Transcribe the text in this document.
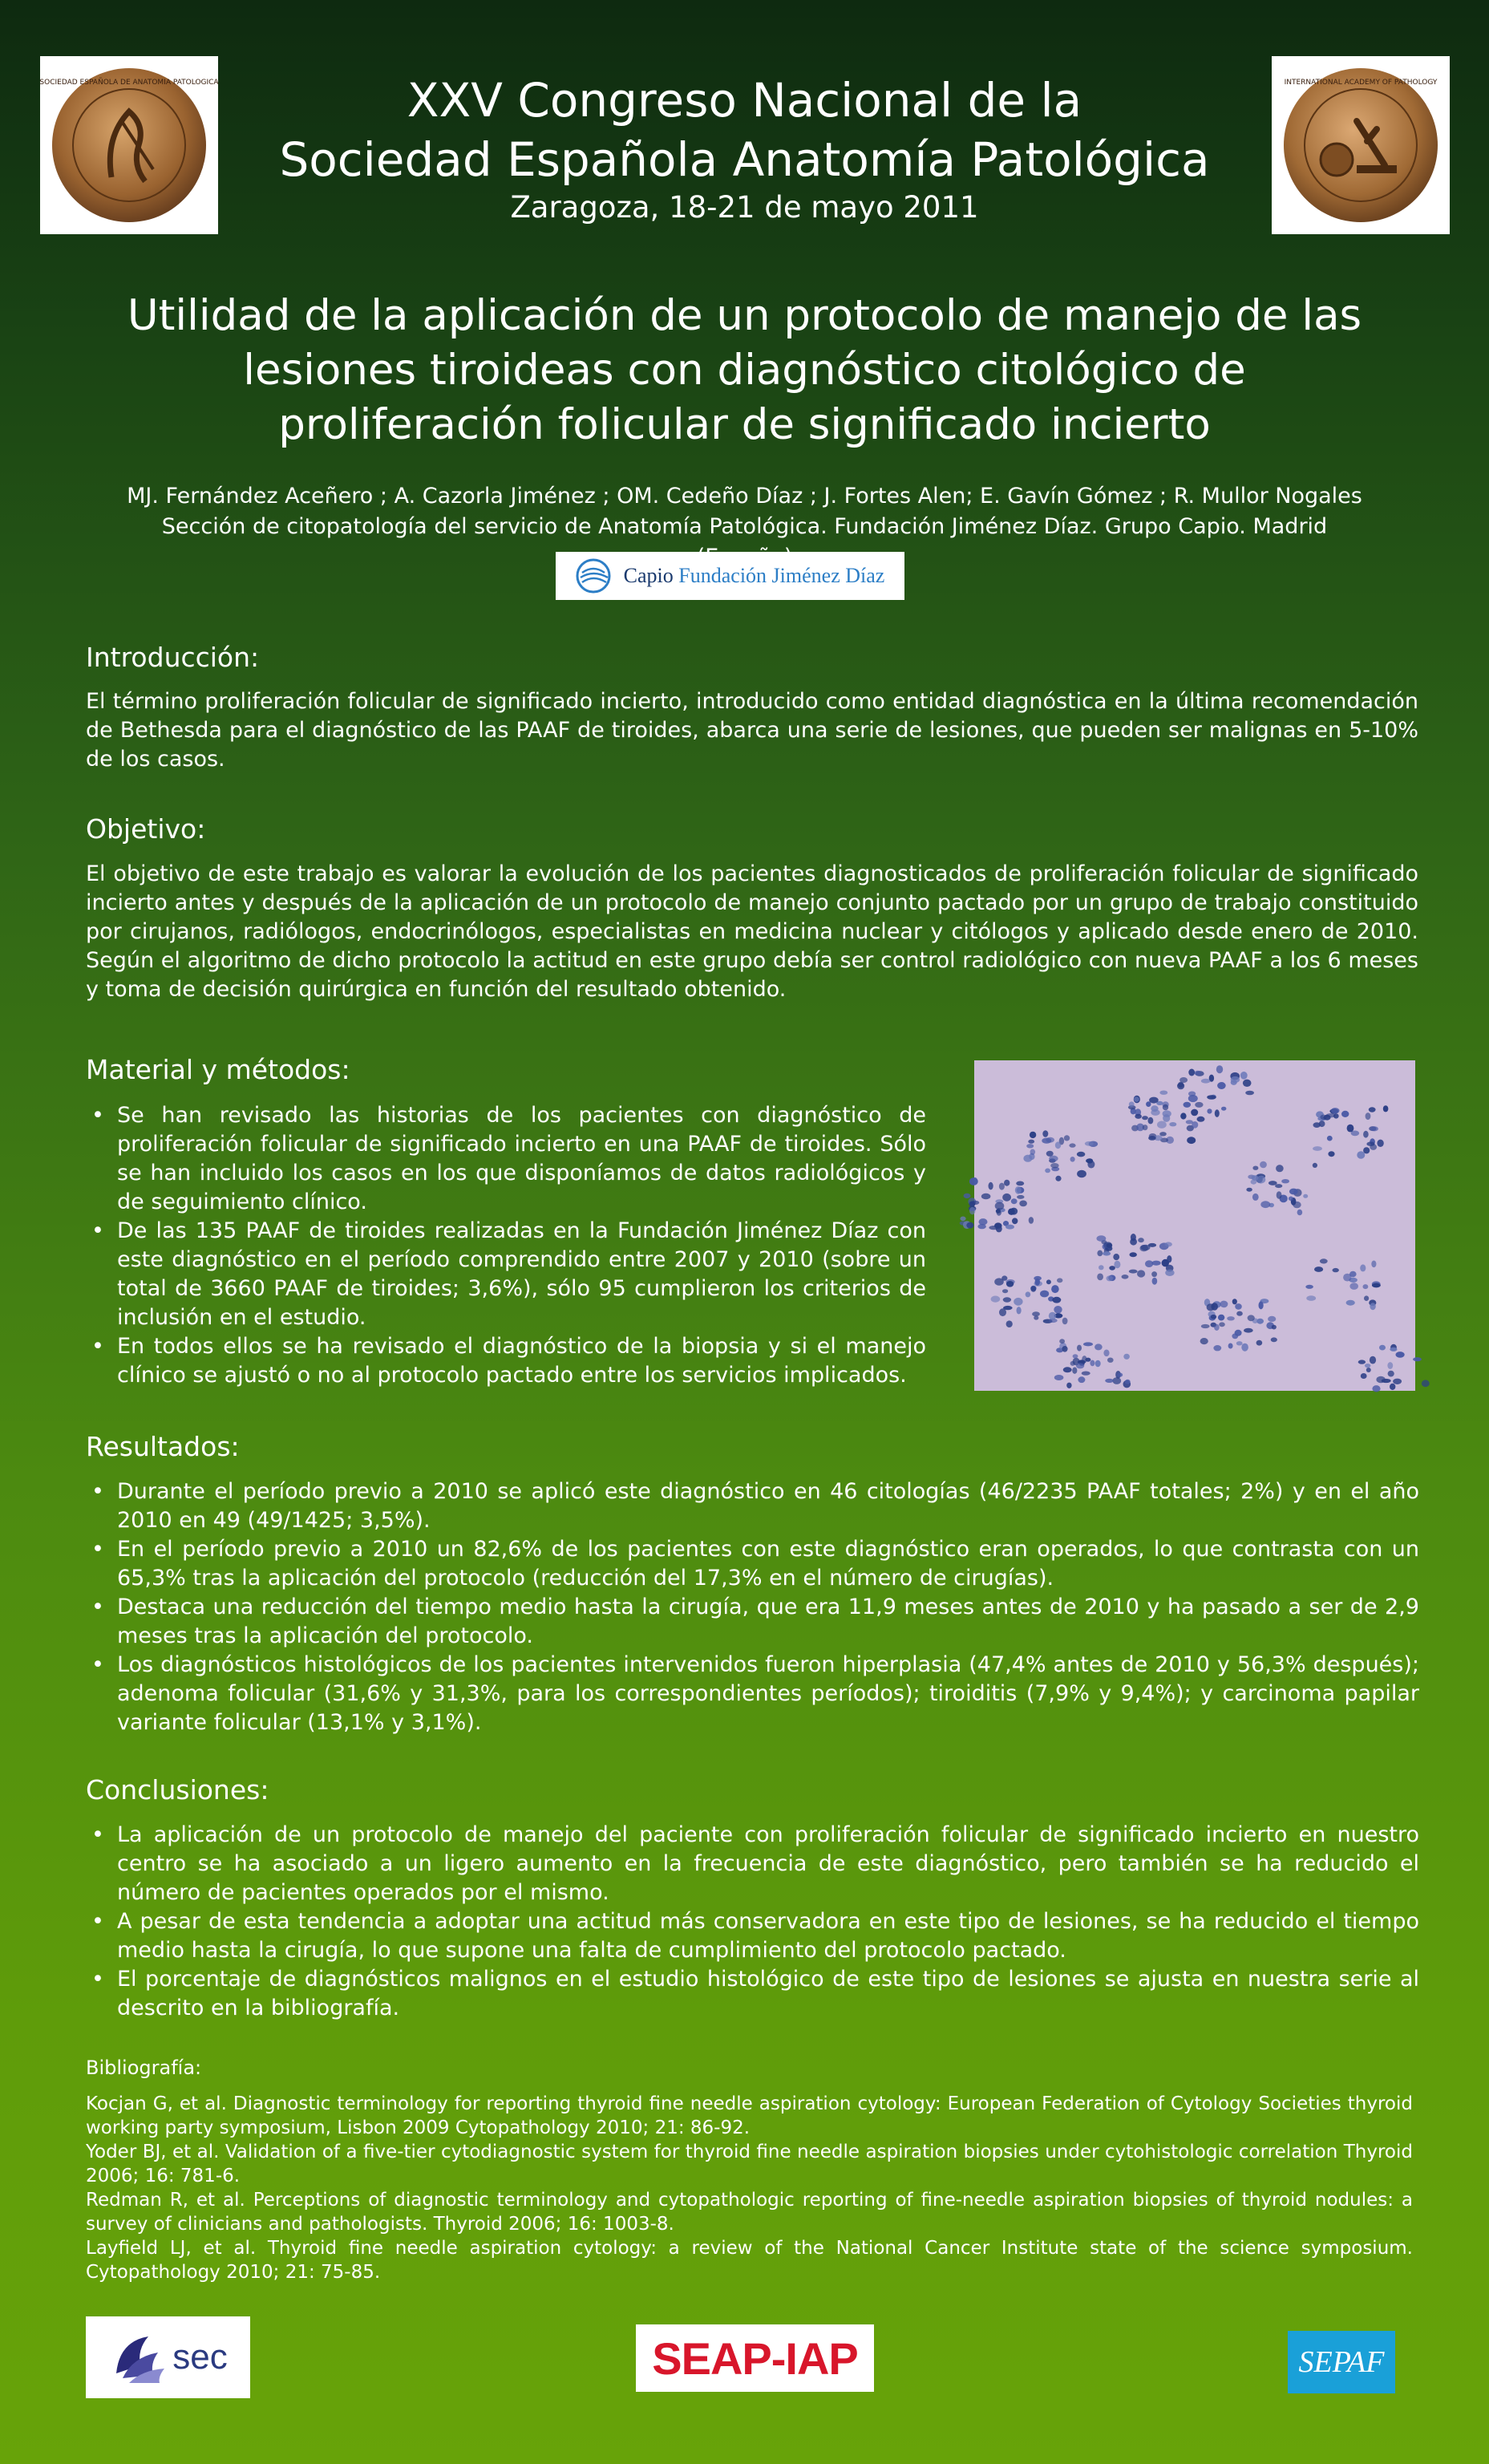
SOCIEDAD ESPAÑOLA DE ANATOMIA PATOLOGICA	INTERNATIONAL ACADEMY OF PATHOLOGY
XXV Congreso Nacional de la
Sociedad Española Anatomía Patológica
Zaragoza, 18-21 de mayo 2011
Utilidad de la aplicación de un protocolo de manejo de las lesiones tiroideas con diagnóstico citológico de proliferación folicular de significado incierto
MJ. Fernández Aceñero ; A. Cazorla Jiménez ; OM. Cedeño Díaz ; J. Fortes Alen; E. Gavín Gómez ; R. Mullor Nogales
Sección de citopatología del servicio de Anatomía Patológica. Fundación Jiménez Díaz. Grupo Capio. Madrid
Capio Fundación Jiménez Díaz
Introducción:
El término proliferación folicular de significado incierto, introducido como entidad diagnóstica en la última recomendación de Bethesda para el diagnóstico de las PAAF de tiroides, abarca una serie de lesiones, que pueden ser malignas en 5-10% de los casos.
Objetivo:
El objetivo de este trabajo es valorar la evolución de los pacientes diagnosticados de proliferación folicular de significado incierto antes y después de la aplicación de un protocolo de manejo conjunto pactado por un grupo de trabajo constituido por cirujanos, radiólogos, endocrinólogos, especialistas en medicina nuclear y citólogos y aplicado desde enero de 2010. Según el algoritmo de dicho protocolo la actitud en este grupo debía ser control radiológico con nueva PAAF a los 6 meses y toma de decisión quirúrgica en función del resultado obtenido.
Material y métodos:
• Se han revisado las historias de los pacientes con diagnóstico de proliferación folicular de significado incierto en una PAAF de tiroides. Sólo se han incluido los casos en los que disponíamos de datos radiológicos y de seguimiento clínico.
• De las 135 PAAF de tiroides realizadas en la Fundación Jiménez Díaz con este diagnóstico en el período comprendido entre 2007 y 2010 (sobre un total de 3660 PAAF de tiroides; 3,6%), sólo 95 cumplieron los criterios de inclusión en el estudio.
• En todos ellos se ha revisado el diagnóstico de la biopsia y si el manejo clínico se ajustó o no al protocolo pactado entre los servicios implicados.
Resultados:
• Durante el período previo a 2010 se aplicó este diagnóstico en 46 citologías (46/2235 PAAF totales; 2%) y en el año 2010 en 49 (49/1425; 3,5%).
• En el período previo a 2010 un 82,6% de los pacientes con este diagnóstico eran operados, lo que contrasta con un 65,3% tras la aplicación del protocolo (reducción del 17,3% en el número de cirugías).
• Destaca una reducción del tiempo medio hasta la cirugía, que era 11,9 meses antes de 2010 y ha pasado a ser de 2,9 meses tras la aplicación del protocolo.
• Los diagnósticos histológicos de los pacientes intervenidos fueron hiperplasia (47,4% antes de 2010 y 56,3% después); adenoma folicular (31,6% y 31,3%, para los correspondientes períodos); tiroiditis (7,9% y 9,4%); y carcinoma papilar variante folicular (13,1% y 3,1%).
Conclusiones:
• La aplicación de un protocolo de manejo del paciente con proliferación folicular de significado incierto en nuestro centro se ha asociado a un ligero aumento en la frecuencia de este diagnóstico, pero también se ha reducido el número de pacientes operados por el mismo.
• A pesar de esta tendencia a adoptar una actitud más conservadora en este tipo de lesiones, se ha reducido el tiempo medio hasta la cirugía, lo que supone una falta de cumplimiento del protocolo pactado.
• El porcentaje de diagnósticos malignos en el estudio histológico de este tipo de lesiones se ajusta en nuestra serie al descrito en la bibliografía.
Bibliografía:

Kocjan G, et al. Diagnostic terminology for reporting thyroid fine needle aspiration cytology: European Federation of Cytology Societies thyroid working party symposium, Lisbon 2009 Cytopathology 2010; 21: 86-92.

Yoder BJ, et al. Validation of a five-tier cytodiagnostic system for thyroid fine needle aspiration biopsies under cytohistologic correlation Thyroid 2006; 16: 781-6.

Redman R, et al. Perceptions of diagnostic terminology and cytopathologic reporting of fine-needle aspiration biopsies of thyroid nodules: a survey of clinicians and pathologists. Thyroid 2006; 16: 1003-8.

Layfield LJ, et al. Thyroid fine needle aspiration cytology: a review of the National Cancer Institute state of the science symposium. Cytopathology 2010; 21: 75-85.

sec	SEAP-IAP	SEPAF
